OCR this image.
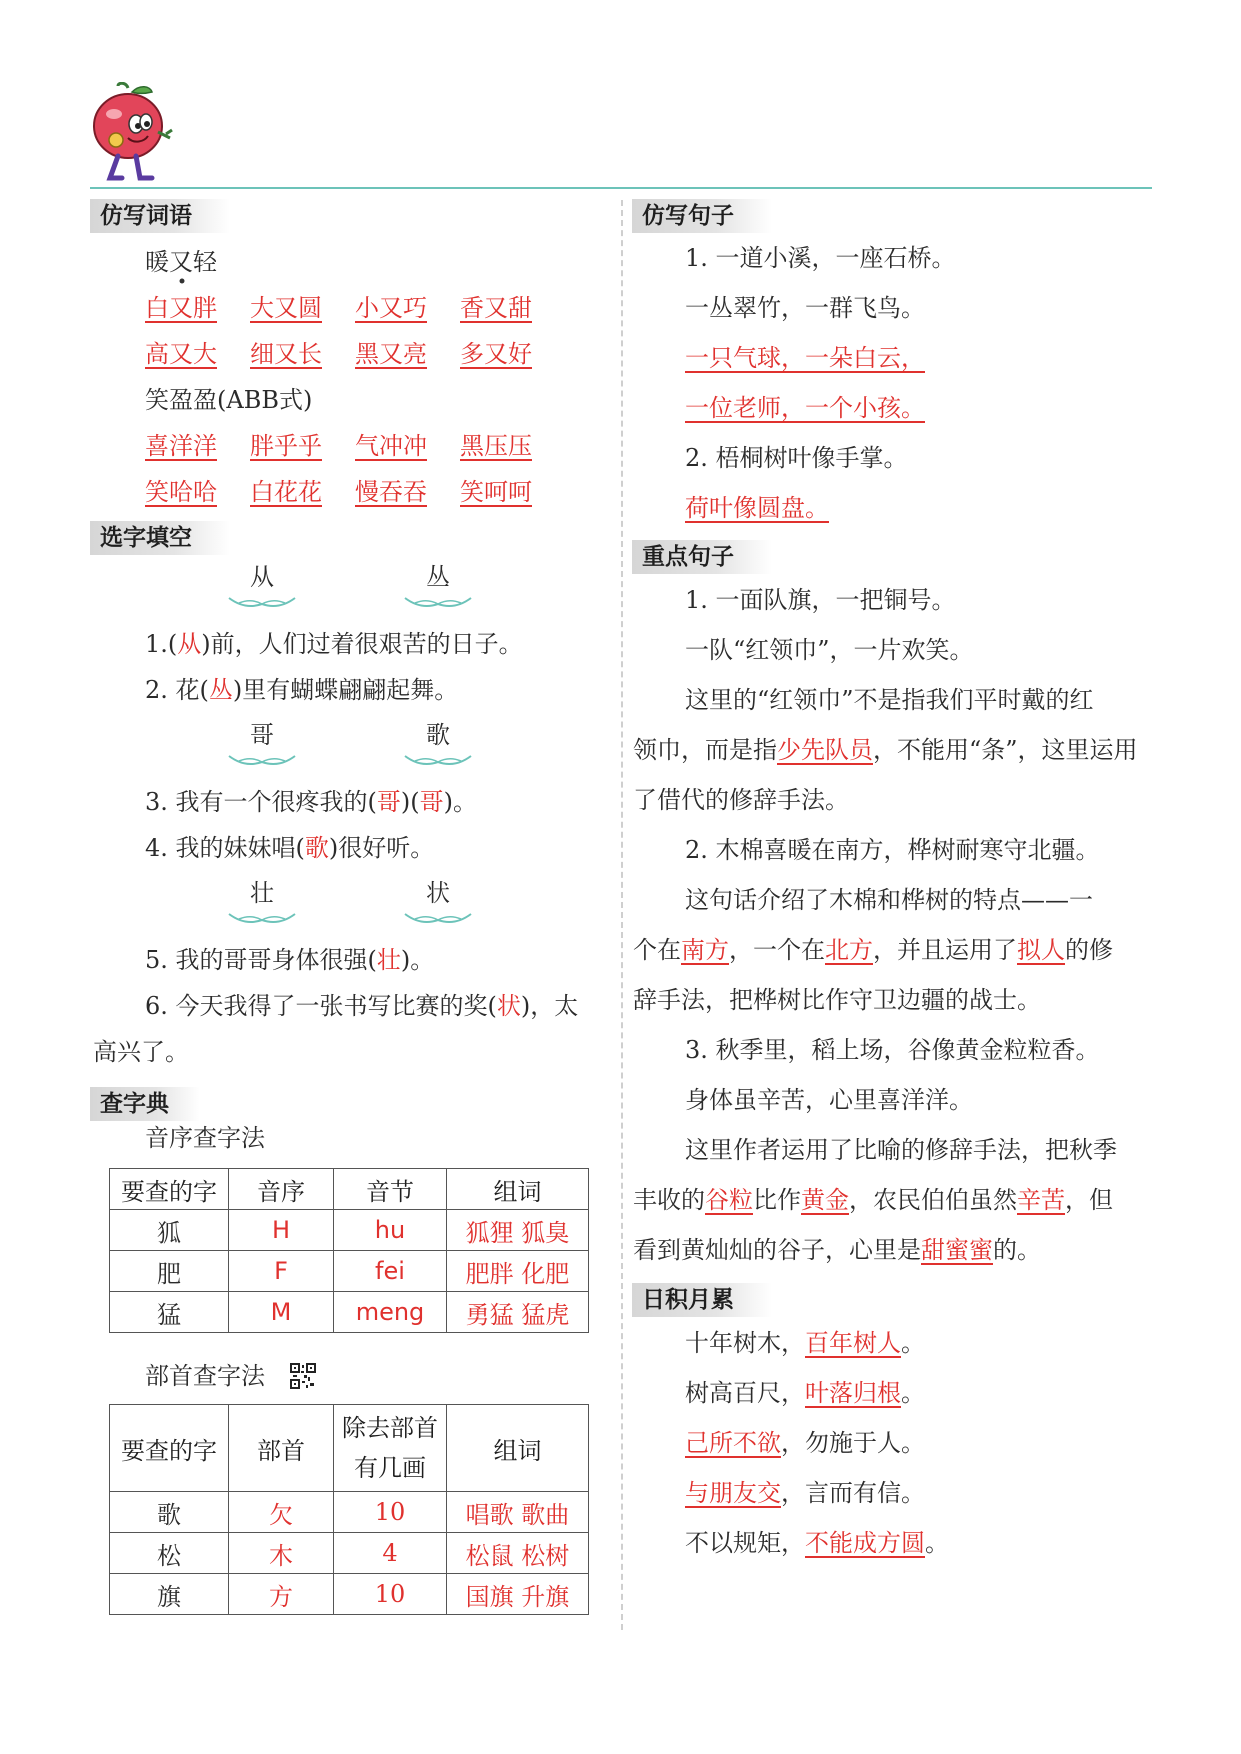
仿写词语
暖又轻
白又胖	大又圆	小又巧	香又甜
高又大	细又长	黑又亮	多又好
笑盈盈(ABB式)
喜洋洋	胖乎乎	气冲冲	黑压压
笑哈哈	白花花	慢吞吞	笑呵呵
选字填空
从	丛
1.(从)前，人们过着很艰苦的日子。
2. 花(丛)里有蝴蝶翩翩起舞。
哥	歌
3. 我有一个很疼我的(哥)(哥)。
4. 我的妹妹唱(歌)很好听。
壮	状
5. 我的哥哥身体很强(壮)。
6. 今天我得了一张书写比赛的奖(状)，太
高兴了。
查字典
音序查字法
要查的字	音序	音节	组词
狐	H	hu	狐狸 狐臭
肥	F	fei	肥胖 化肥
猛	M	meng	勇猛 猛虎
部首查字法
要查的字	部首	除去部首
有几画	组词
歌	欠	10	唱歌 歌曲
松	木	4	松鼠 松树
旗	方	10	国旗 升旗
仿写句子
1. 一道小溪，一座石桥。
一丛翠竹，一群飞鸟。
一只气球，一朵白云，
一位老师，一个小孩。
2. 梧桐树叶像手掌。
荷叶像圆盘。
重点句子
1. 一面队旗，一把铜号。
一队“红领巾”，一片欢笑。
这里的“红领巾”不是指我们平时戴的红
领巾，而是指少先队员，不能用“条”，这里运用
了借代的修辞手法。
2. 木棉喜暖在南方，桦树耐寒守北疆。
这句话介绍了木棉和桦树的特点——一
个在南方，一个在北方，并且运用了拟人的修
辞手法，把桦树比作守卫边疆的战士。
3. 秋季里，稻上场，谷像黄金粒粒香。
身体虽辛苦，心里喜洋洋。
这里作者运用了比喻的修辞手法，把秋季
丰收的谷粒比作黄金，农民伯伯虽然辛苦，但
看到黄灿灿的谷子，心里是甜蜜蜜的。
日积月累
十年树木，百年树人。
树高百尺，叶落归根。
己所不欲，勿施于人。
与朋友交，言而有信。
不以规矩，不能成方圆。
